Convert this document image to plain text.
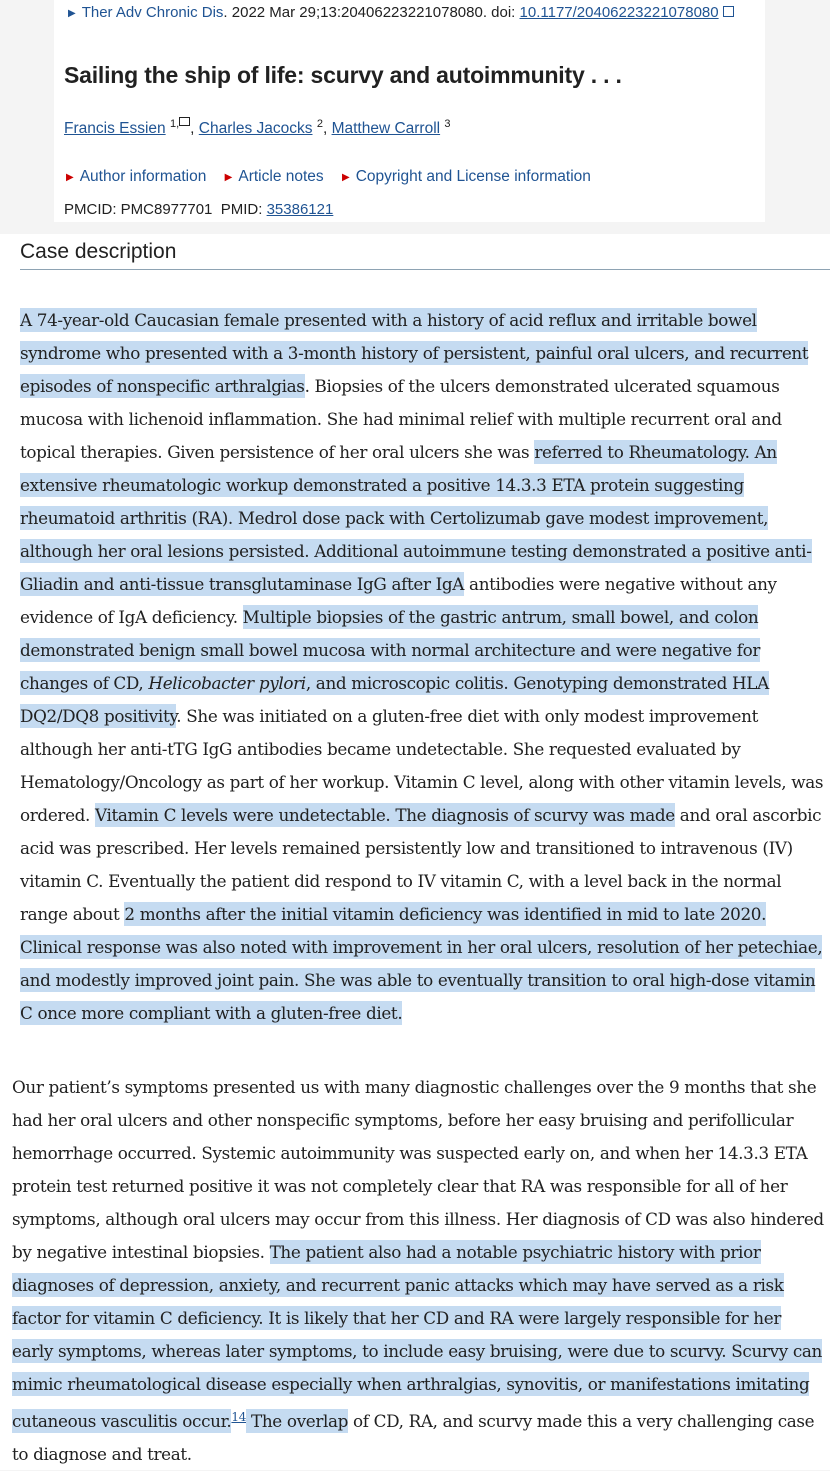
▶ Ther Adv Chronic Dis. 2022 Mar 29;13:20406223221078080. doi: 10.1177/20406223221078080
Sailing the ship of life: scurvy and autoimmunity . . .
Francis Essien $^{1,}$ , Charles Jacocks $^2$, Matthew Carroll $^3$
▶ Author information ▶ Article notes ▶ Copyright and License information
PMCID: PMC8977701 PMID: 35386121
Case description
A 74-year-old Caucasian female presented with a history of acid reflux and irritable bowel syndrome who presented with a 3-month history of persistent, painful oral ulcers, and recurrent episodes of nonspecific arthralgias. Biopsies of the ulcers demonstrated ulcerated squamous mucosa with lichenoid inflammation. She had minimal relief with multiple recurrent oral and topical therapies. Given persistence of her oral ulcers she was referred to Rheumatology. An extensive rheumatologic workup demonstrated a positive 14.3.3 ETA protein suggesting rheumatoid arthritis (RA). Medrol dose pack with Certolizumab gave modest improvement, although her oral lesions persisted. Additional autoimmune testing demonstrated a positive anti-Gliadin and anti-tissue transglutaminase IgG after IgA antibodies were negative without any evidence of IgA deficiency. Multiple biopsies of the gastric antrum, small bowel, and colon demonstrated benign small bowel mucosa with normal architecture and were negative for changes of CD, Helicobacter pylori, and microscopic colitis. Genotyping demonstrated HLA DQ2/DQ8 positivity. She was initiated on a gluten-free diet with only modest improvement although her anti-tTG IgG antibodies became undetectable. She requested evaluated by Hematology/Oncology as part of her workup. Vitamin C level, along with other vitamin levels, was ordered. Vitamin C levels were undetectable. The diagnosis of scurvy was made and oral ascorbic acid was prescribed. Her levels remained persistently low and transitioned to intravenous (IV) vitamin C. Eventually the patient did respond to IV vitamin C, with a level back in the normal range about 2 months after the initial vitamin deficiency was identified in mid to late 2020. Clinical response was also noted with improvement in her oral ulcers, resolution of her petechiae, and modestly improved joint pain. She was able to eventually transition to oral high-dose vitamin C once more compliant with a gluten-free diet.
Our patient’s symptoms presented us with many diagnostic challenges over the 9 months that she had her oral ulcers and other nonspecific symptoms, before her easy bruising and perifollicular hemorrhage occurred. Systemic autoimmunity was suspected early on, and when her 14.3.3 ETA protein test returned positive it was not completely clear that RA was responsible for all of her symptoms, although oral ulcers may occur from this illness. Her diagnosis of CD was also hindered by negative intestinal biopsies. The patient also had a notable psychiatric history with prior diagnoses of depression, anxiety, and recurrent panic attacks which may have served as a risk factor for vitamin C deficiency. It is likely that her CD and RA were largely responsible for her early symptoms, whereas later symptoms, to include easy bruising, were due to scurvy. Scurvy can mimic rheumatological disease especially when arthralgias, synovitis, or manifestations imitating cutaneous vasculitis occur.$^{14}$ The overlap of CD, RA, and scurvy made this a very challenging case to diagnose and treat.
